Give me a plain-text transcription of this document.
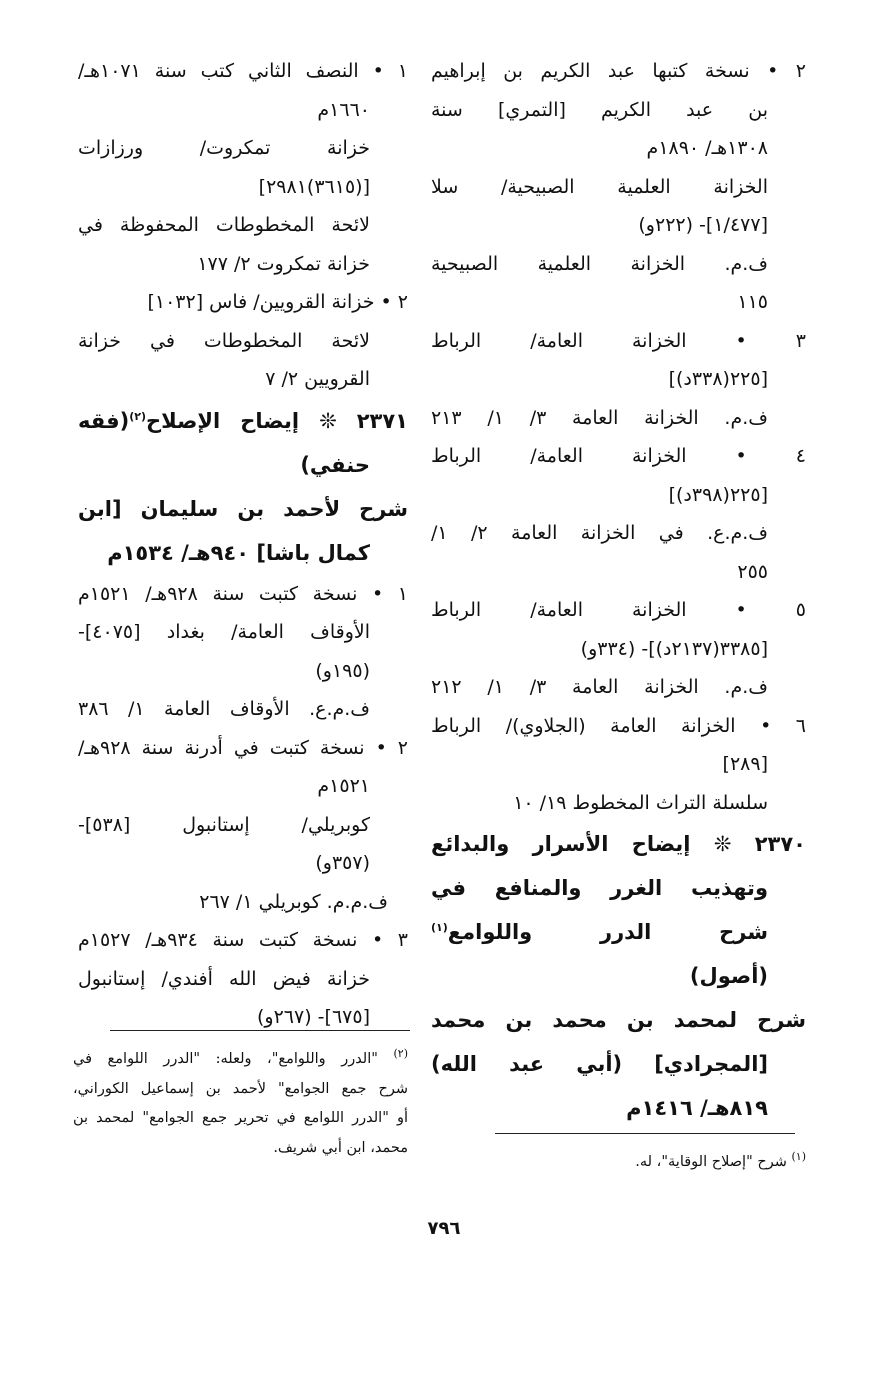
٢ • نسخة كتبها عبد الكريم بن إبراهيم
بن عبد الكريم [التمري] سنة
١٣٠٨هـ/ ١٨٩٠م
الخزانة العلمية الصبيحية/ سلا
[١/٤٧٧]- (٢٢٢و)
ف.م. الخزانة العلمية الصبيحية
١١٥
٣ • الخزانة العامة/ الرباط
[٢٢٥(٣٣٨د)]
ف.م. الخزانة العامة ٣/ ١/ ٢١٣
٤ • الخزانة العامة/ الرباط
[٢٢٥(٣٩٨د)]
ف.م.ع. في الخزانة العامة ٢/ ١/
٢٥٥
٥ • الخزانة العامة/ الرباط
[٣٣٨٥(٢١٣٧د)]- (٣٣٤و)
ف.م. الخزانة العامة ٣/ ١/ ٢١٢
٦ • الخزانة العامة (الجلاوي)/ الرباط
[٢٨٩]
سلسلة التراث المخطوط ١٩/ ١٠
٢٣٧٠ ❊ إيضاح الأسرار والبدائع
وتهذيب الغرر والمنافع في
شرح الدرر واللوامع$^{(١)}$
(أصول)
شرح لمحمد بن محمد بن محمد
[المجرادي] (أبي عبد الله)
٨١٩هـ/ ١٤١٦م
١ • النصف الثاني كتب سنة ١٠٧١هـ/
١٦٦٠م
خزانة تمكروت/ ورزازات
[(٣٦١٥)٢٩٨١]
لائحة المخطوطات المحفوظة في
خزانة تمكروت ٢/ ١٧٧
٢ • خزانة القرويين/ فاس [١٠٣٢]
لائحة المخطوطات في خزانة
القرويين ٢/ ٧
٢٣٧١ ❊ إيضاح الإصلاح$^{(٢)}$(فقه
حنفي)
شرح لأحمد بن سليمان [ابن
كمال باشا] ٩٤٠هـ/ ١٥٣٤م
١ • نسخة كتبت سنة ٩٢٨هـ/ ١٥٢١م
الأوقاف العامة/ بغداد [٤٠٧٥]-
(١٩٥و)
ف.م.ع. الأوقاف العامة ١/ ٣٨٦
٢ • نسخة كتبت في أدرنة سنة ٩٢٨هـ/
١٥٢١م
كوبريلي/ إستانبول [٥٣٨]-
(٣٥٧و)
ف.م.م. كوبريلي ١/ ٢٦٧
٣ • نسخة كتبت سنة ٩٣٤هـ/ ١٥٢٧م
خزانة فيض الله أفندي/ إستانبول
[٦٧٥]- (٢٦٧و)
$^{(٢)}$ "الدرر واللوامع"، ولعله: "الدرر اللوامع في
شرح جمع الجوامع" لأحمد بن إسماعيل الكوراني،
أو "الدرر اللوامع في تحرير جمع الجوامع" لمحمد بن
محمد، ابن أبي شريف.
$^{(١)}$ شرح "إصلاح الوقاية"، له.
٧٩٦
